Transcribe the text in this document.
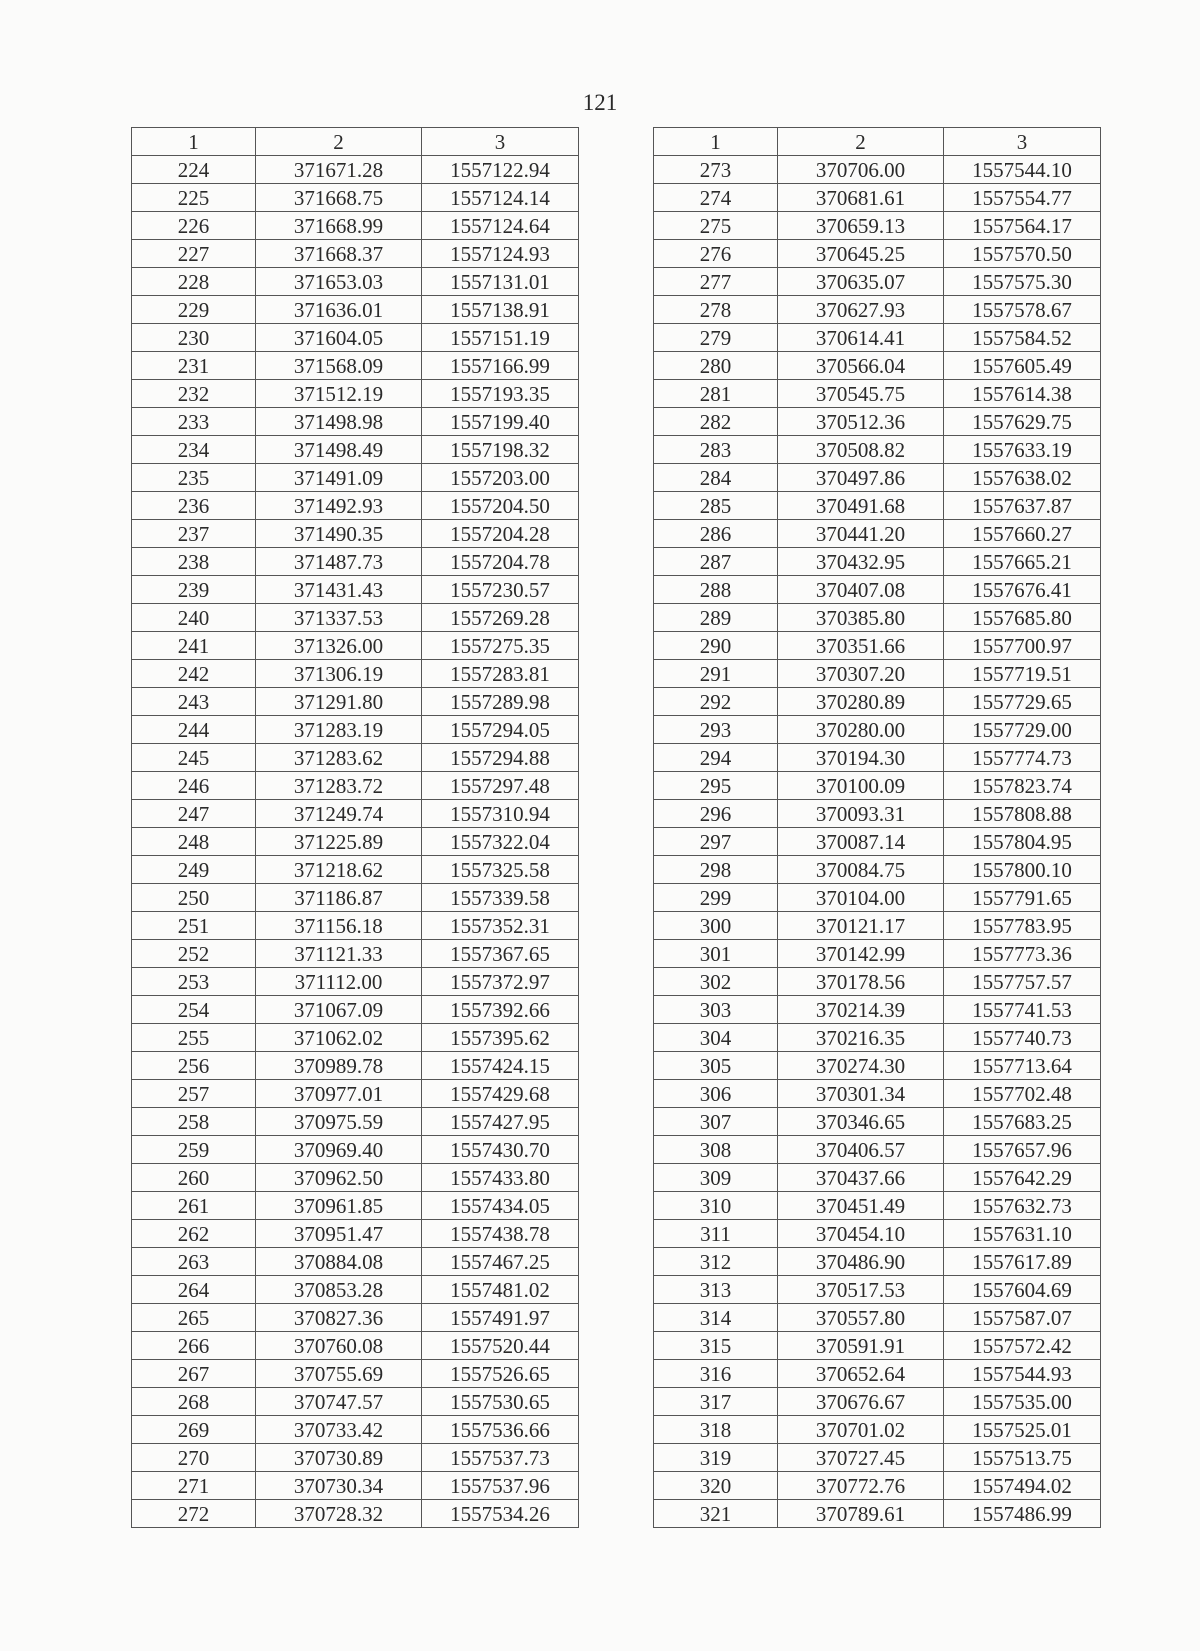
121
1	2	3
224	371671.28	1557122.94
225	371668.75	1557124.14
226	371668.99	1557124.64
227	371668.37	1557124.93
228	371653.03	1557131.01
229	371636.01	1557138.91
230	371604.05	1557151.19
231	371568.09	1557166.99
232	371512.19	1557193.35
233	371498.98	1557199.40
234	371498.49	1557198.32
235	371491.09	1557203.00
236	371492.93	1557204.50
237	371490.35	1557204.28
238	371487.73	1557204.78
239	371431.43	1557230.57
240	371337.53	1557269.28
241	371326.00	1557275.35
242	371306.19	1557283.81
243	371291.80	1557289.98
244	371283.19	1557294.05
245	371283.62	1557294.88
246	371283.72	1557297.48
247	371249.74	1557310.94
248	371225.89	1557322.04
249	371218.62	1557325.58
250	371186.87	1557339.58
251	371156.18	1557352.31
252	371121.33	1557367.65
253	371112.00	1557372.97
254	371067.09	1557392.66
255	371062.02	1557395.62
256	370989.78	1557424.15
257	370977.01	1557429.68
258	370975.59	1557427.95
259	370969.40	1557430.70
260	370962.50	1557433.80
261	370961.85	1557434.05
262	370951.47	1557438.78
263	370884.08	1557467.25
264	370853.28	1557481.02
265	370827.36	1557491.97
266	370760.08	1557520.44
267	370755.69	1557526.65
268	370747.57	1557530.65
269	370733.42	1557536.66
270	370730.89	1557537.73
271	370730.34	1557537.96
272	370728.32	1557534.26
1	2	3
273	370706.00	1557544.10
274	370681.61	1557554.77
275	370659.13	1557564.17
276	370645.25	1557570.50
277	370635.07	1557575.30
278	370627.93	1557578.67
279	370614.41	1557584.52
280	370566.04	1557605.49
281	370545.75	1557614.38
282	370512.36	1557629.75
283	370508.82	1557633.19
284	370497.86	1557638.02
285	370491.68	1557637.87
286	370441.20	1557660.27
287	370432.95	1557665.21
288	370407.08	1557676.41
289	370385.80	1557685.80
290	370351.66	1557700.97
291	370307.20	1557719.51
292	370280.89	1557729.65
293	370280.00	1557729.00
294	370194.30	1557774.73
295	370100.09	1557823.74
296	370093.31	1557808.88
297	370087.14	1557804.95
298	370084.75	1557800.10
299	370104.00	1557791.65
300	370121.17	1557783.95
301	370142.99	1557773.36
302	370178.56	1557757.57
303	370214.39	1557741.53
304	370216.35	1557740.73
305	370274.30	1557713.64
306	370301.34	1557702.48
307	370346.65	1557683.25
308	370406.57	1557657.96
309	370437.66	1557642.29
310	370451.49	1557632.73
311	370454.10	1557631.10
312	370486.90	1557617.89
313	370517.53	1557604.69
314	370557.80	1557587.07
315	370591.91	1557572.42
316	370652.64	1557544.93
317	370676.67	1557535.00
318	370701.02	1557525.01
319	370727.45	1557513.75
320	370772.76	1557494.02
321	370789.61	1557486.99
